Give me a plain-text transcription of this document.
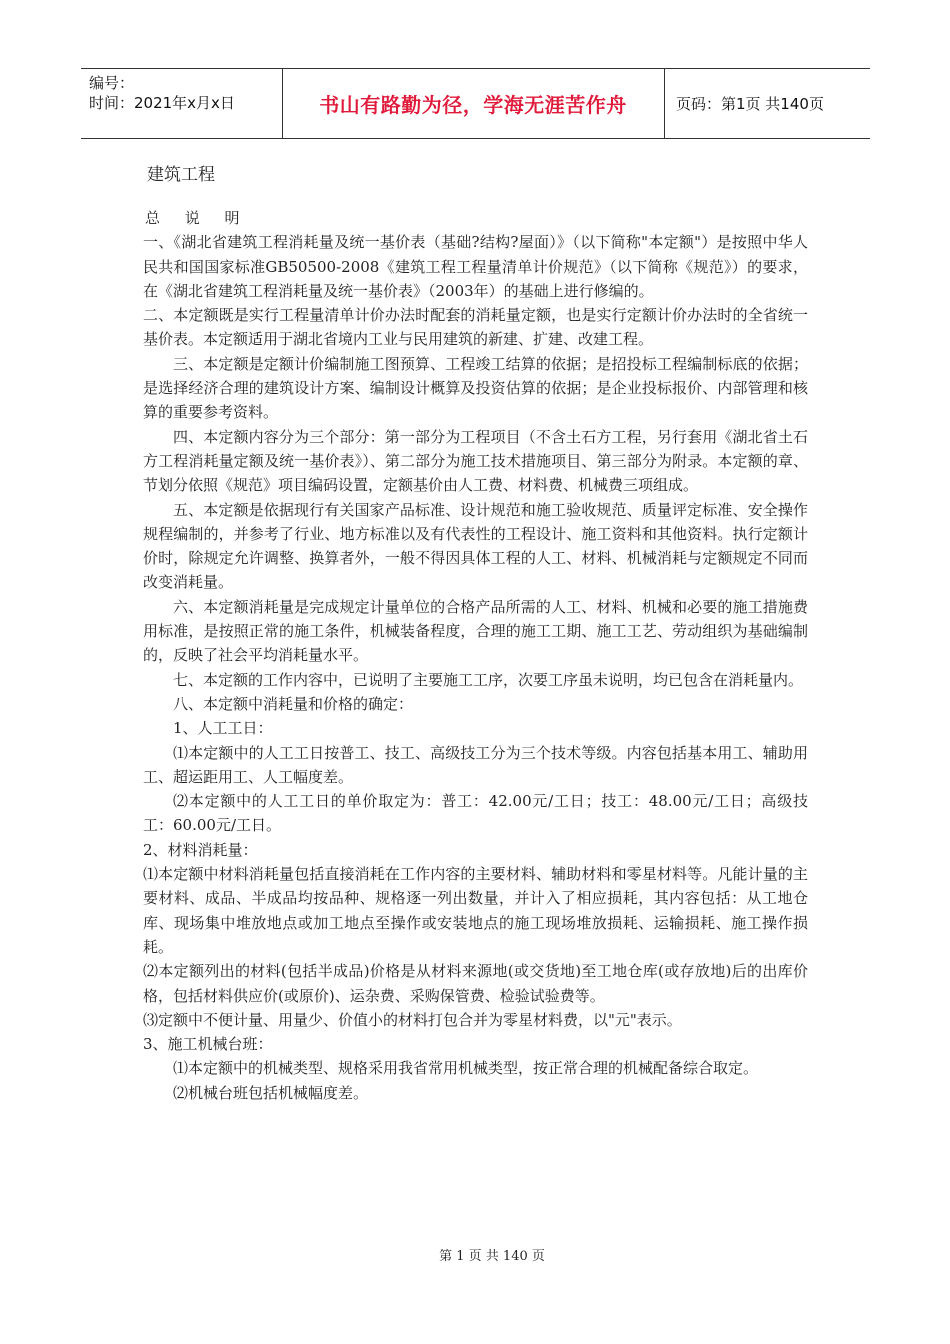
编号：
时间：2021年x月x日	书山有路勤为径，学海无涯苦作舟	页码：第1页 共140页
建筑工程

总 说 明

一、《湖北省建筑工程消耗量及统一基价表（基础?结构?屋面）》（以下简称"本定额"）是按照中华人民共和国国家标准GB50500-2008《建筑工程工程量清单计价规范》（以下简称《规范》）的要求，在《湖北省建筑工程消耗量及统一基价表》（2003年）的基础上进行修编的。

二、本定额既是实行工程量清单计价办法时配套的消耗量定额，也是实行定额计价办法时的全省统一基价表。本定额适用于湖北省境内工业与民用建筑的新建、扩建、改建工程。

三、本定额是定额计价编制施工图预算、工程竣工结算的依据；是招投标工程编制标底的依据；是选择经济合理的建筑设计方案、编制设计概算及投资估算的依据；是企业投标报价、内部管理和核算的重要参考资料。

四、本定额内容分为三个部分：第一部分为工程项目（不含土石方工程，另行套用《湖北省土石方工程消耗量定额及统一基价表》）、第二部分为施工技术措施项目、第三部分为附录。本定额的章、节划分依照《规范》项目编码设置，定额基价由人工费、材料费、机械费三项组成。

五、本定额是依据现行有关国家产品标准、设计规范和施工验收规范、质量评定标准、安全操作规程编制的，并参考了行业、地方标准以及有代表性的工程设计、施工资料和其他资料。执行定额计价时，除规定允许调整、换算者外，一般不得因具体工程的人工、材料、机械消耗与定额规定不同而改变消耗量。

六、本定额消耗量是完成规定计量单位的合格产品所需的人工、材料、机械和必要的施工措施费用标准，是按照正常的施工条件，机械装备程度，合理的施工工期、施工工艺、劳动组织为基础编制的，反映了社会平均消耗量水平。

七、本定额的工作内容中，已说明了主要施工工序，次要工序虽未说明，均已包含在消耗量内。

八、本定额中消耗量和价格的确定：

1、人工工日：

⑴本定额中的人工工日按普工、技工、高级技工分为三个技术等级。内容包括基本用工、辅助用工、超运距用工、人工幅度差。

⑵本定额中的人工工日的单价取定为：普工：42.00元/工日；技工：48.00元/工日；高级技工：60.00元/工日。

2、材料消耗量：

⑴本定额中材料消耗量包括直接消耗在工作内容的主要材料、辅助材料和零星材料等。凡能计量的主要材料、成品、半成品均按品种、规格逐一列出数量，并计入了相应损耗，其内容包括：从工地仓库、现场集中堆放地点或加工地点至操作或安装地点的施工现场堆放损耗、运输损耗、施工操作损耗。

⑵本定额列出的材料(包括半成品)价格是从材料来源地(或交货地)至工地仓库(或存放地)后的出库价格，包括材料供应价(或原价)、运杂费、采购保管费、检验试验费等。

⑶定额中不便计量、用量少、价值小的材料打包合并为零星材料费，以"元"表示。

3、施工机械台班：

⑴本定额中的机械类型、规格采用我省常用机械类型，按正常合理的机械配备综合取定。

⑵机械台班包括机械幅度差。

第 1 页 共 140 页
